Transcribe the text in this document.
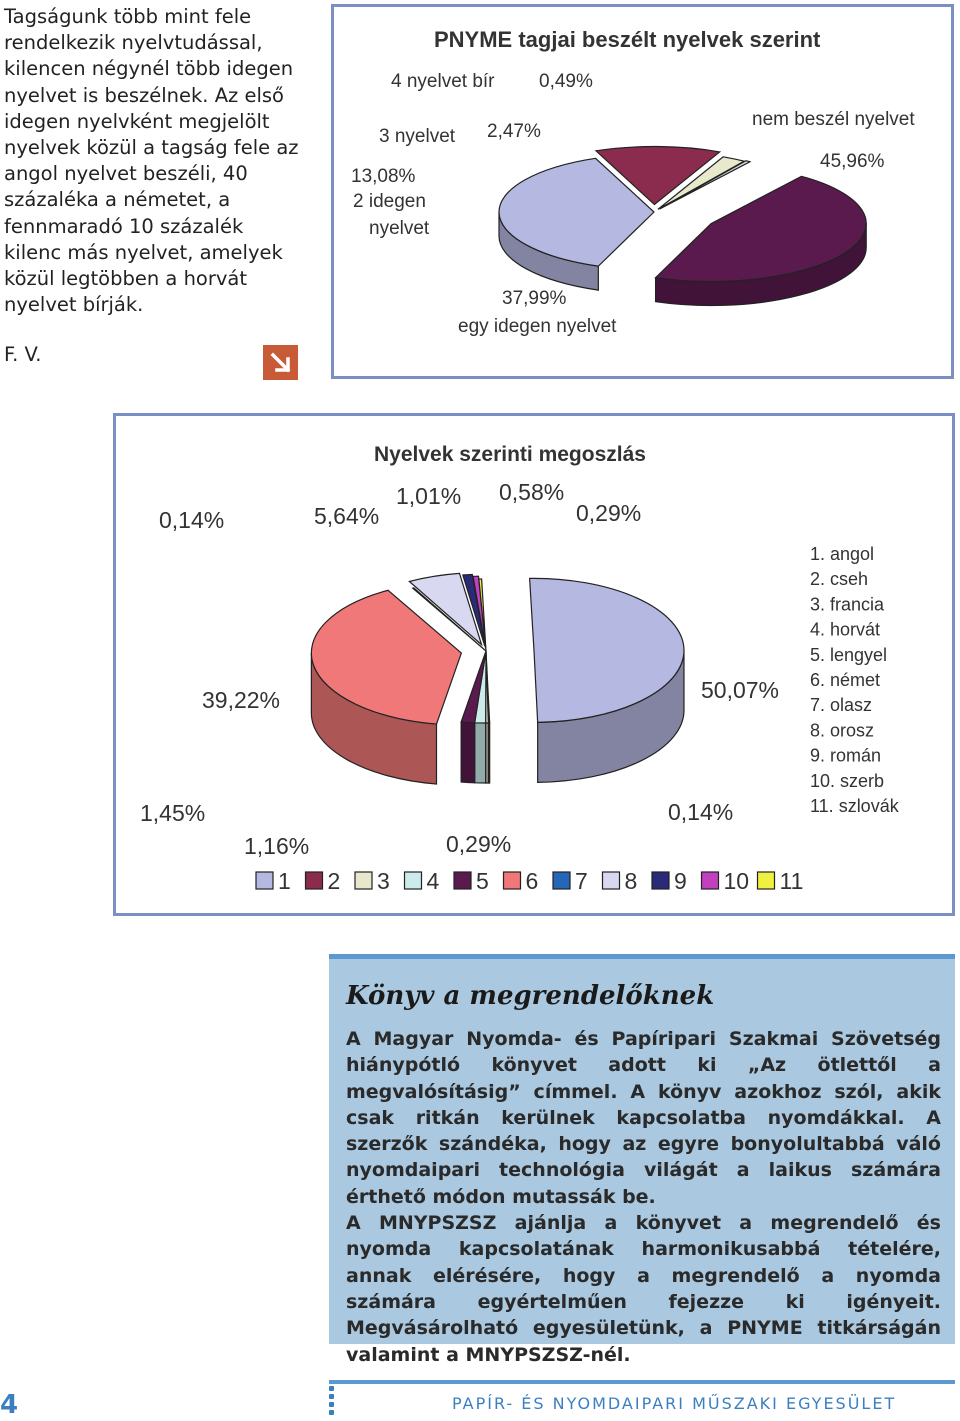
Tagságunk több mint fele rendelkezik nyelvtudással, kilencen négynél több idegen nyelvet is beszélnek. Az első idegen nyelvként megjelölt nyelvek közül a tagság fele az angol nyelvet beszéli, 40 százaléka a németet, a fennmaradó 10 százalék kilenc más nyelvet, amelyek közül legtöbben a horvát nyelvet bírják.

F. V.
PNYME tagjai beszélt nyelvek szerint
4 nyelvet bír 0,49%
3 nyelvet 2,47%
13,08%
2 idegen
nyelvet
nem beszél nyelvet
45,96%
37,99%
egy idegen nyelvet
Nyelvek szerinti megoszlás
0,14%	5,64%
1,01% 0,58%
0,29%
39,22%	50,07%
1,45%
1,16%	0,29%
0,14%
1. angol
2. cseh
3. francia
4. horvát
5. lengyel
6. német
7. olasz
8. orosz
9. román
10. szerb
11. szlovák
1 2 3 4 5 6 7 8 9 10 11
Könyv a megrendelőknek

A Magyar Nyomda- és Papíripari Szakmai Szövetség hiánypótló könyvet adott ki „Az ötlettől a megvalósításig” címmel. A könyv azokhoz szól, akik csak ritkán kerülnek kapcsolatba nyomdákkal. A szerzők szándéka, hogy az egyre bonyolultabbá váló nyomdaipari technológia világát a laikus számára érthető módon mutassák be.

A MNYPSZSZ ajánlja a könyvet a megrendelő és nyomda kapcsolatának harmonikusabbá tételére, annak elérésére, hogy a megrendelő a nyomda számára egyértelműen fejezze ki igényeit. Megvásárolható egyesületünk, a PNYME titkárságán valamint a MNYPSZSZ-nél.

4	PAPÍR- ÉS NYOMDAIPARI MŰSZAKI EGYESÜLET
